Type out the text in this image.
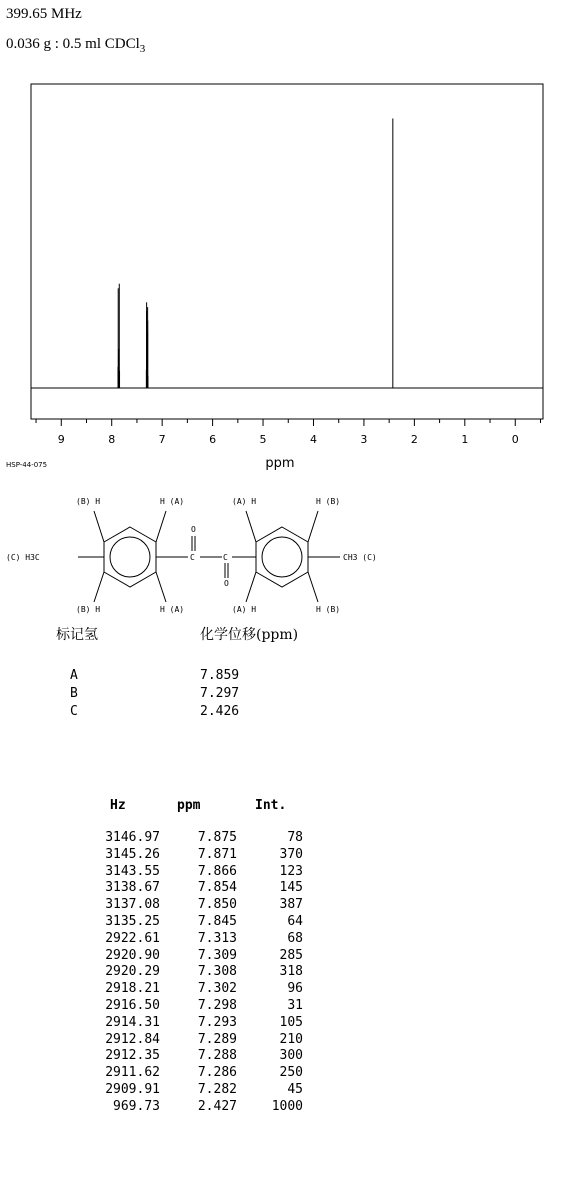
399.65 MHz
0.036 g : 0.5 ml CDCl$_3$
9	8	7	6	5	4	3	2	1	0
ppm
HSP-44-075
(B) H	H (A)	(A) H	H (B)
(B) H	H (A)	(A) H	H (B)
(C) H3C	CH3 (C)
O
O
C	C
标记氢	化学位移(ppm)
A	7.859
B	7.297
C	2.426
Hz	ppm	Int.
3146.97	7.875	78
3145.26	7.871	370
3143.55	7.866	123
3138.67	7.854	145
3137.08	7.850	387
3135.25	7.845	64
2922.61	7.313	68
2920.90	7.309	285
2920.29	7.308	318
2918.21	7.302	96
2916.50	7.298	31
2914.31	7.293	105
2912.84	7.289	210
2912.35	7.288	300
2911.62	7.286	250
2909.91	7.282	45
969.73	2.427	1000
